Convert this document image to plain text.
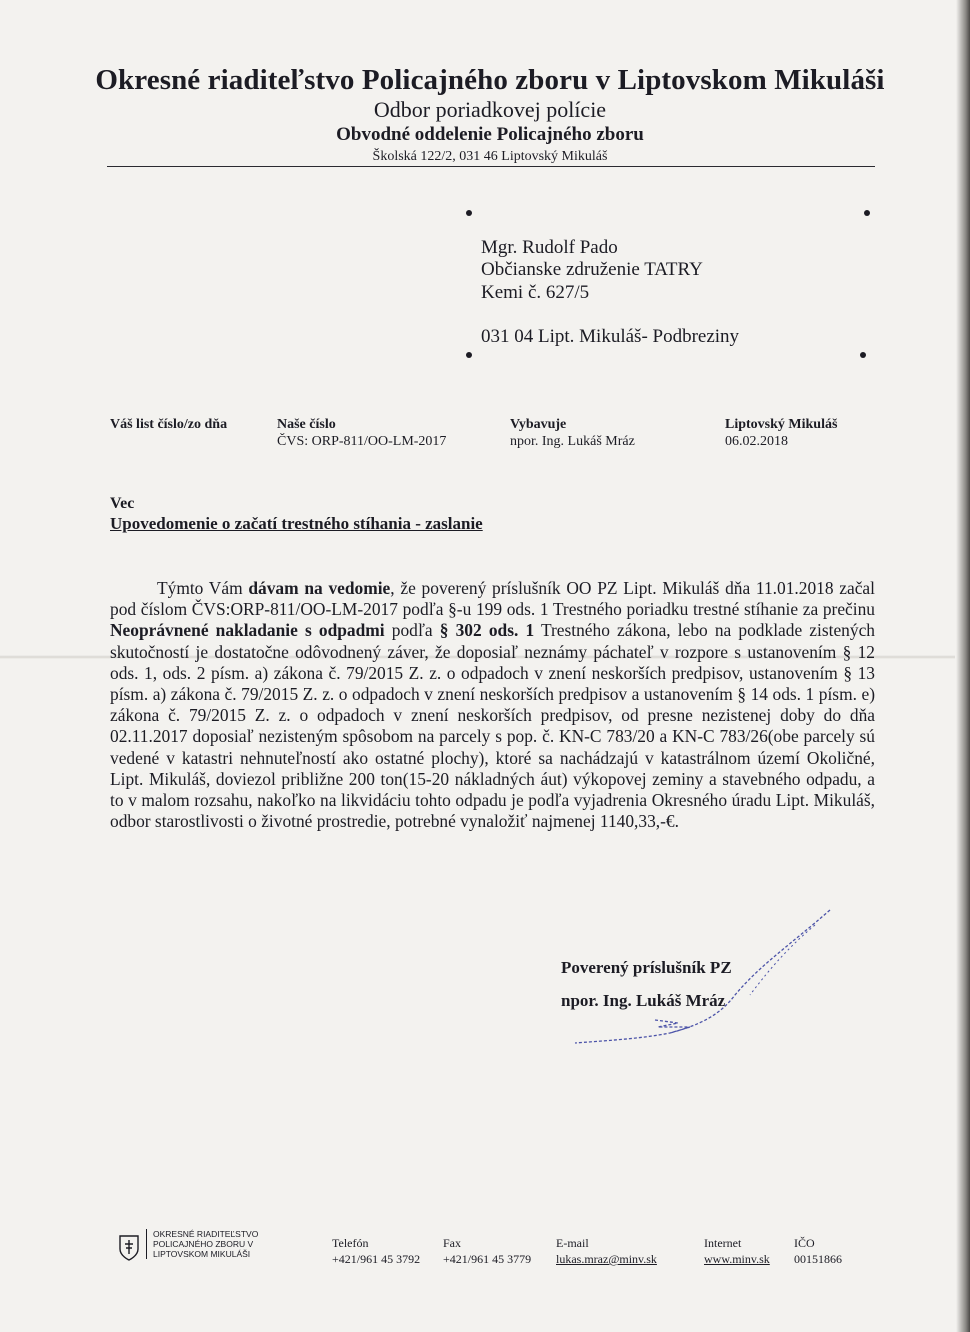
Okresné riaditeľstvo Policajného zboru v Liptovskom Mikuláši
Odbor poriadkovej polície
Obvodné oddelenie Policajného zboru
Školská 122/2, 031 46 Liptovský Mikuláš
Mgr. Rudolf Pado
Občianske združenie TATRY
Kemi č. 627/5
031 04 Lipt. Mikuláš- Podbreziny
Váš list číslo/zo dňa	Naše číslo
ČVS: ORP-811/OO-LM-2017
Vybavuje
npor. Ing. Lukáš Mráz
Liptovský Mikuláš
06.02.2018
Vec
Upovedomenie o začatí trestného stíhania - zaslanie

Týmto Vám dávam na vedomie, že poverený príslušník OO PZ Lipt. Mikuláš dňa 11.01.2018 začal pod číslom ČVS:ORP-811/OO-LM-2017 podľa §-u 199 ods. 1 Trestného poriadku trestné stíhanie za prečinu Neoprávnené nakladanie s odpadmi podľa § 302 ods. 1 Trestného zákona, lebo na podklade zistených skutočností je dostatočne odôvodnený záver, že doposiaľ neznámy páchateľ v rozpore s ustanovením § 12 ods. 1, ods. 2 písm. a) zákona č. 79/2015 Z. z. o odpadoch v znení neskorších predpisov, ustanovením § 13 písm. a) zákona č. 79/2015 Z. z. o odpadoch v znení neskorších predpisov a ustanovením § 14 ods. 1 písm. e) zákona č. 79/2015 Z. z. o odpadoch v znení neskorších predpisov, od presne nezistenej doby do dňa 02.11.2017 doposiaľ nezisteným spôsobom na parcely s pop. č. KN-C 783/20 a KN-C 783/26(obe parcely sú vedené v katastri nehnuteľností ako ostatné plochy), ktoré sa nachádzajú v katastrálnom území Okoličné, Lipt. Mikuláš, doviezol približne 200 ton(15-20 nákladných áut) výkopovej zeminy a stavebného odpadu, a to v malom rozsahu, nakoľko na likvidáciu tohto odpadu je podľa vyjadrenia Okresného úradu Lipt. Mikuláš, odbor starostlivosti o životné prostredie, potrebné vynaložiť najmenej 1140,33,-€.

Poverený príslušník PZ
npor. Ing. Lukáš Mráz
OKRESNÉ RIADITEĽSTVO POLICAJNÉHO ZBORU V LIPTOVSKOM MIKULÁŠI
Telefón
+421/961 45 3792
Fax
+421/961 45 3779
E-mail
lukas.mraz@minv.sk
Internet
www.minv.sk
IČO
00151866
